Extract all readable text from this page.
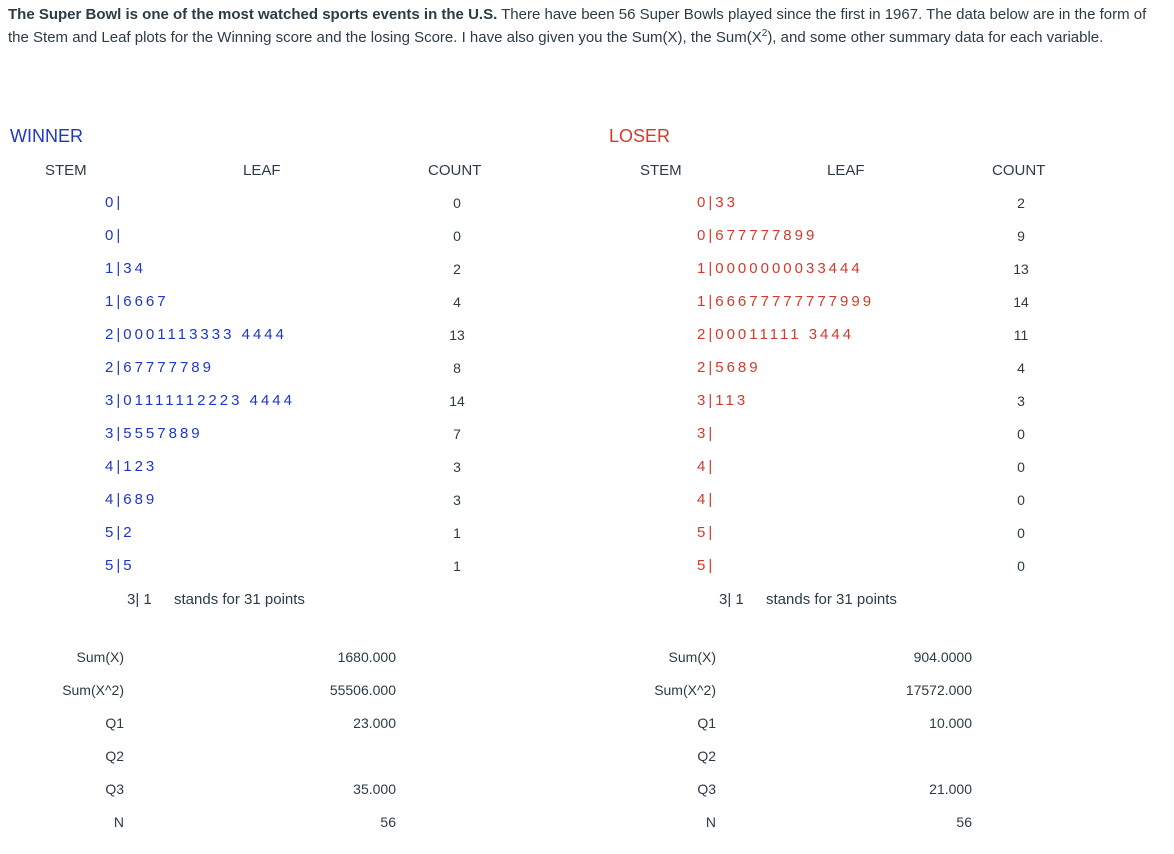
The Super Bowl is one of the most watched sports events in the U.S. There have been 56 Super Bowls played since the first in 1967. The data below are in the form of the Stem and Leaf plots for the Winning score and the losing Score. I have also given you the Sum(X), the $Sum(X^2)$, and some other summary data for each variable.
WINNER
STEM	LEAF	COUNT
0|	0
0|	0
1|34	2
1|6667	4
2|0001113333 4444	13
2|67777789	8
3|01111112223 4444	14
3|5557889	7
4|123	3
4|689	3
5|2	1
5|5	1
3| 1 stands for 31 points
Sum(X)	1680.000
Sum(X^2)	55506.000
Q1	23.000
Q2
Q3	35.000
N	56
LOSER
STEM	LEAF	COUNT
0|33	2
0|677777899	9
1|0000000033444	13
1|66677777777999	14
2|00011111 3444	11
2|5689	4
3|113	3
3|	0
4|	0
4|	0
5|	0
5|	0
3| 1 stands for 31 points
Sum(X)	904.0000
Sum(X^2)	17572.000
Q1	10.000
Q2
Q3	21.000
N	56
